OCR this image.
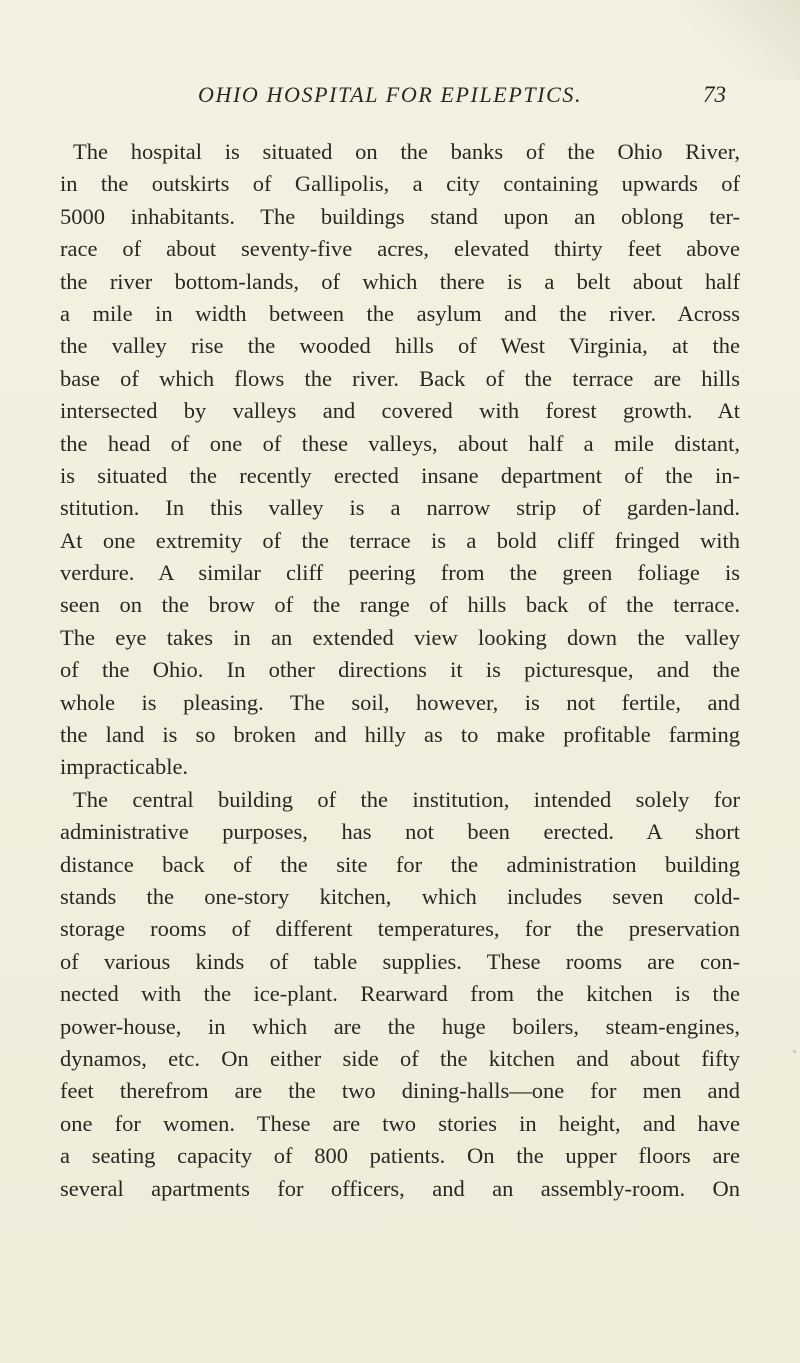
OHIO HOSPITAL FOR EPILEPTICS.	73
The hospital is situated on the banks of the Ohio River,
in the outskirts of Gallipolis, a city containing upwards of
5000 inhabitants. The buildings stand upon an oblong ter-
race of about seventy-five acres, elevated thirty feet above
the river bottom-lands, of which there is a belt about half
a mile in width between the asylum and the river. Across
the valley rise the wooded hills of West Virginia, at the
base of which flows the river. Back of the terrace are hills
intersected by valleys and covered with forest growth. At
the head of one of these valleys, about half a mile distant,
is situated the recently erected insane department of the in-
stitution. In this valley is a narrow strip of garden-land.
At one extremity of the terrace is a bold cliff fringed with
verdure. A similar cliff peering from the green foliage is
seen on the brow of the range of hills back of the terrace.
The eye takes in an extended view looking down the valley
of the Ohio. In other directions it is picturesque, and the
whole is pleasing. The soil, however, is not fertile, and
the land is so broken and hilly as to make profitable farming
impracticable.
The central building of the institution, intended solely for
administrative purposes, has not been erected. A short
distance back of the site for the administration building
stands the one-story kitchen, which includes seven cold-
storage rooms of different temperatures, for the preservation
of various kinds of table supplies. These rooms are con-
nected with the ice-plant. Rearward from the kitchen is the
power-house, in which are the huge boilers, steam-engines,
dynamos, etc. On either side of the kitchen and about fifty
feet therefrom are the two dining-halls—one for men and
one for women. These are two stories in height, and have
a seating capacity of 800 patients. On the upper floors are
several apartments for officers, and an assembly-room. On
